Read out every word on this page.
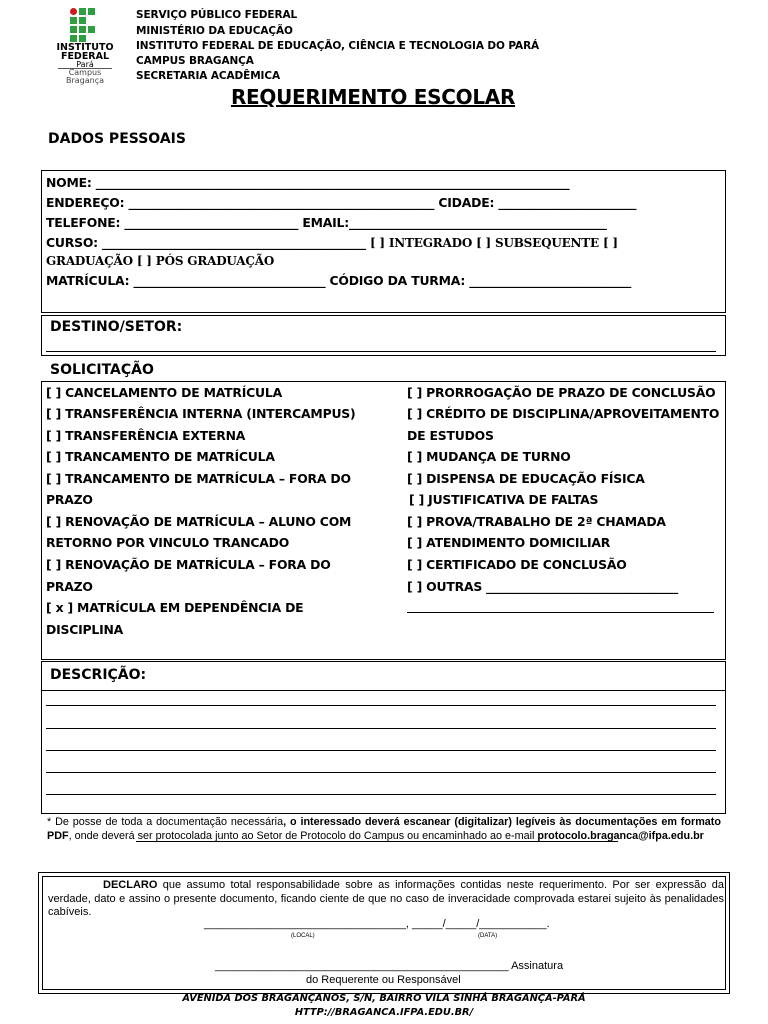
INSTITUTO
FEDERAL
Pará
Campus
Bragança
SERVIÇO PÚBLICO FEDERAL
MINISTÉRIO DA EDUCAÇÃO
INSTITUTO FEDERAL DE EDUCAÇÃO, CIÊNCIA E TECNOLOGIA DO PARÁ
CAMPUS BRAGANÇA
SECRETARIA ACADÊMICA
REQUERIMENTO ESCOLAR
DADOS PESSOAIS
NOME: _______________________________________________________________________________
ENDEREÇO: ___________________________________________________ CIDADE: _______________________
TELEFONE: _____________________________ EMAIL:___________________________________________
CURSO: ____________________________________________ [ ] INTEGRADO [ ] SUBSEQUENTE [ ]
GRADUAÇÃO [ ] PÓS GRADUAÇÃO
MATRÍCULA: ________________________________ CÓDIGO DA TURMA: ___________________________
DESTINO/SETOR:
SOLICITAÇÃO
[ ] CANCELAMENTO DE MATRÍCULA
[ ] TRANSFERÊNCIA INTERNA (INTERCAMPUS)
[ ] TRANSFERÊNCIA EXTERNA
[ ] TRANCAMENTO DE MATRÍCULA
[ ] TRANCAMENTO DE MATRÍCULA – FORA DO
PRAZO
[ ] RENOVAÇÃO DE MATRÍCULA – ALUNO COM
RETORNO POR VINCULO TRANCADO
[ ] RENOVAÇÃO DE MATRÍCULA – FORA DO
PRAZO
[ x ] MATRÍCULA EM DEPENDÊNCIA DE
DISCIPLINA
[ ] PRORROGAÇÃO DE PRAZO DE CONCLUSÃO
[ ] CRÉDITO DE DISCIPLINA/APROVEITAMENTO
DE ESTUDOS
[ ] MUDANÇA DE TURNO
[ ] DISPENSA DE EDUCAÇÃO FÍSICA
[ ] JUSTIFICATIVA DE FALTAS
[ ] PROVA/TRABALHO DE 2ª CHAMADA
[ ] ATENDIMENTO DOMICILIAR
[ ] CERTIFICADO DE CONCLUSÃO
[ ] OUTRAS ________________________________
DESCRIÇÃO:
* De posse de toda a documentação necessária, o interessado deverá escanear (digitalizar) legíveis às documentações em formato PDF, onde deverá ser protocolada junto ao Setor de Protocolo do Campus ou encaminhado ao e-mail protocolo.braganca@ifpa.edu.br
DECLARO que assumo total responsabilidade sobre as informações contidas neste requerimento. Por ser expressão da verdade, dato e assino o presente documento, ficando ciente de que no caso de inveracidade comprovada estarei sujeito às penalidades cabíveis.
_________________________________, _____/_____/___________.
(LOCAL)	(DATA)
________________________________________________ Assinatura
do Requerente ou Responsável
AVENIDA DOS BRAGANÇANOS, S/N, BAIRRO VILA SINHÁ BRAGANÇA-PARÁ
HTTP://BRAGANCA.IFPA.EDU.BR/
